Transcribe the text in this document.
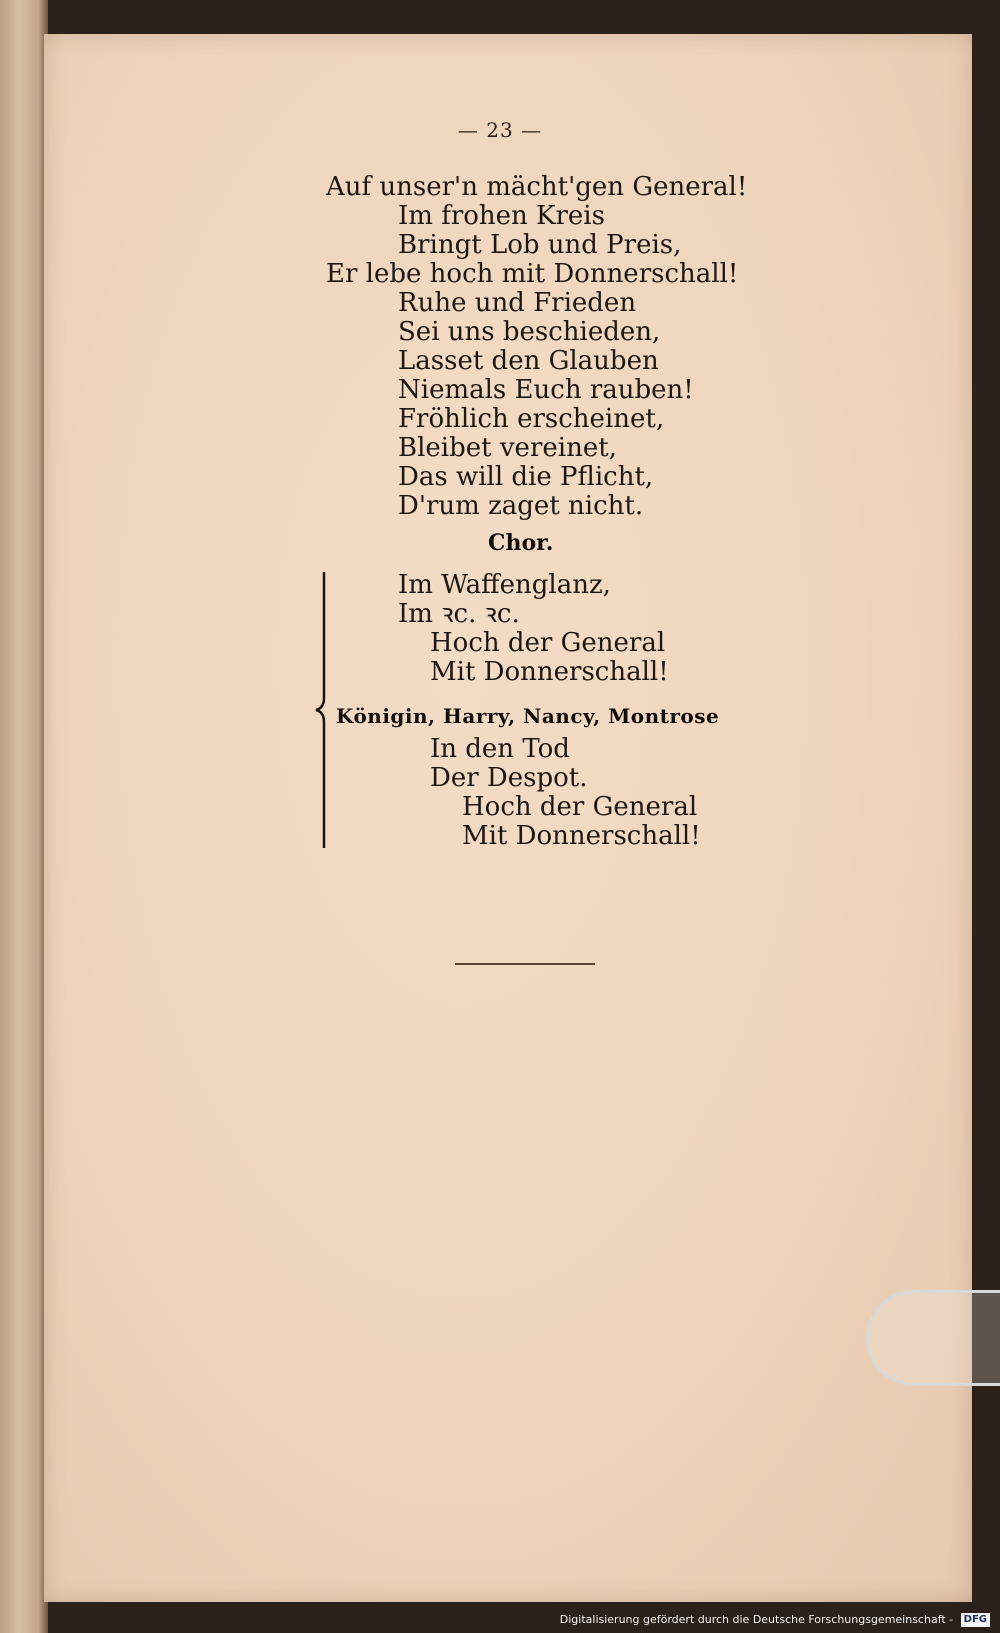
— 23 —
Auf unser'n mächt'gen General!
Im frohen Kreis
Bringt Lob und Preis,
Er lebe hoch mit Donnerschall!
Ruhe und Frieden
Sei uns beschieden,
Lasset den Glauben
Niemals Euch rauben!
Fröhlich erscheinet,
Bleibet vereinet,
Das will die Pflicht,
D'rum zaget nicht.
Chor.
Im Waffenglanz,
Im ꝛc. ꝛc.
Hoch der General
Mit Donnerschall!
Königin, Harry, Nancy, Montrose
In den Tod
Der Despot.
Hoch der General
Mit Donnerschall!
Digitalisierung gefördert durch die Deutsche Forschungsgemeinschaft - DFG
